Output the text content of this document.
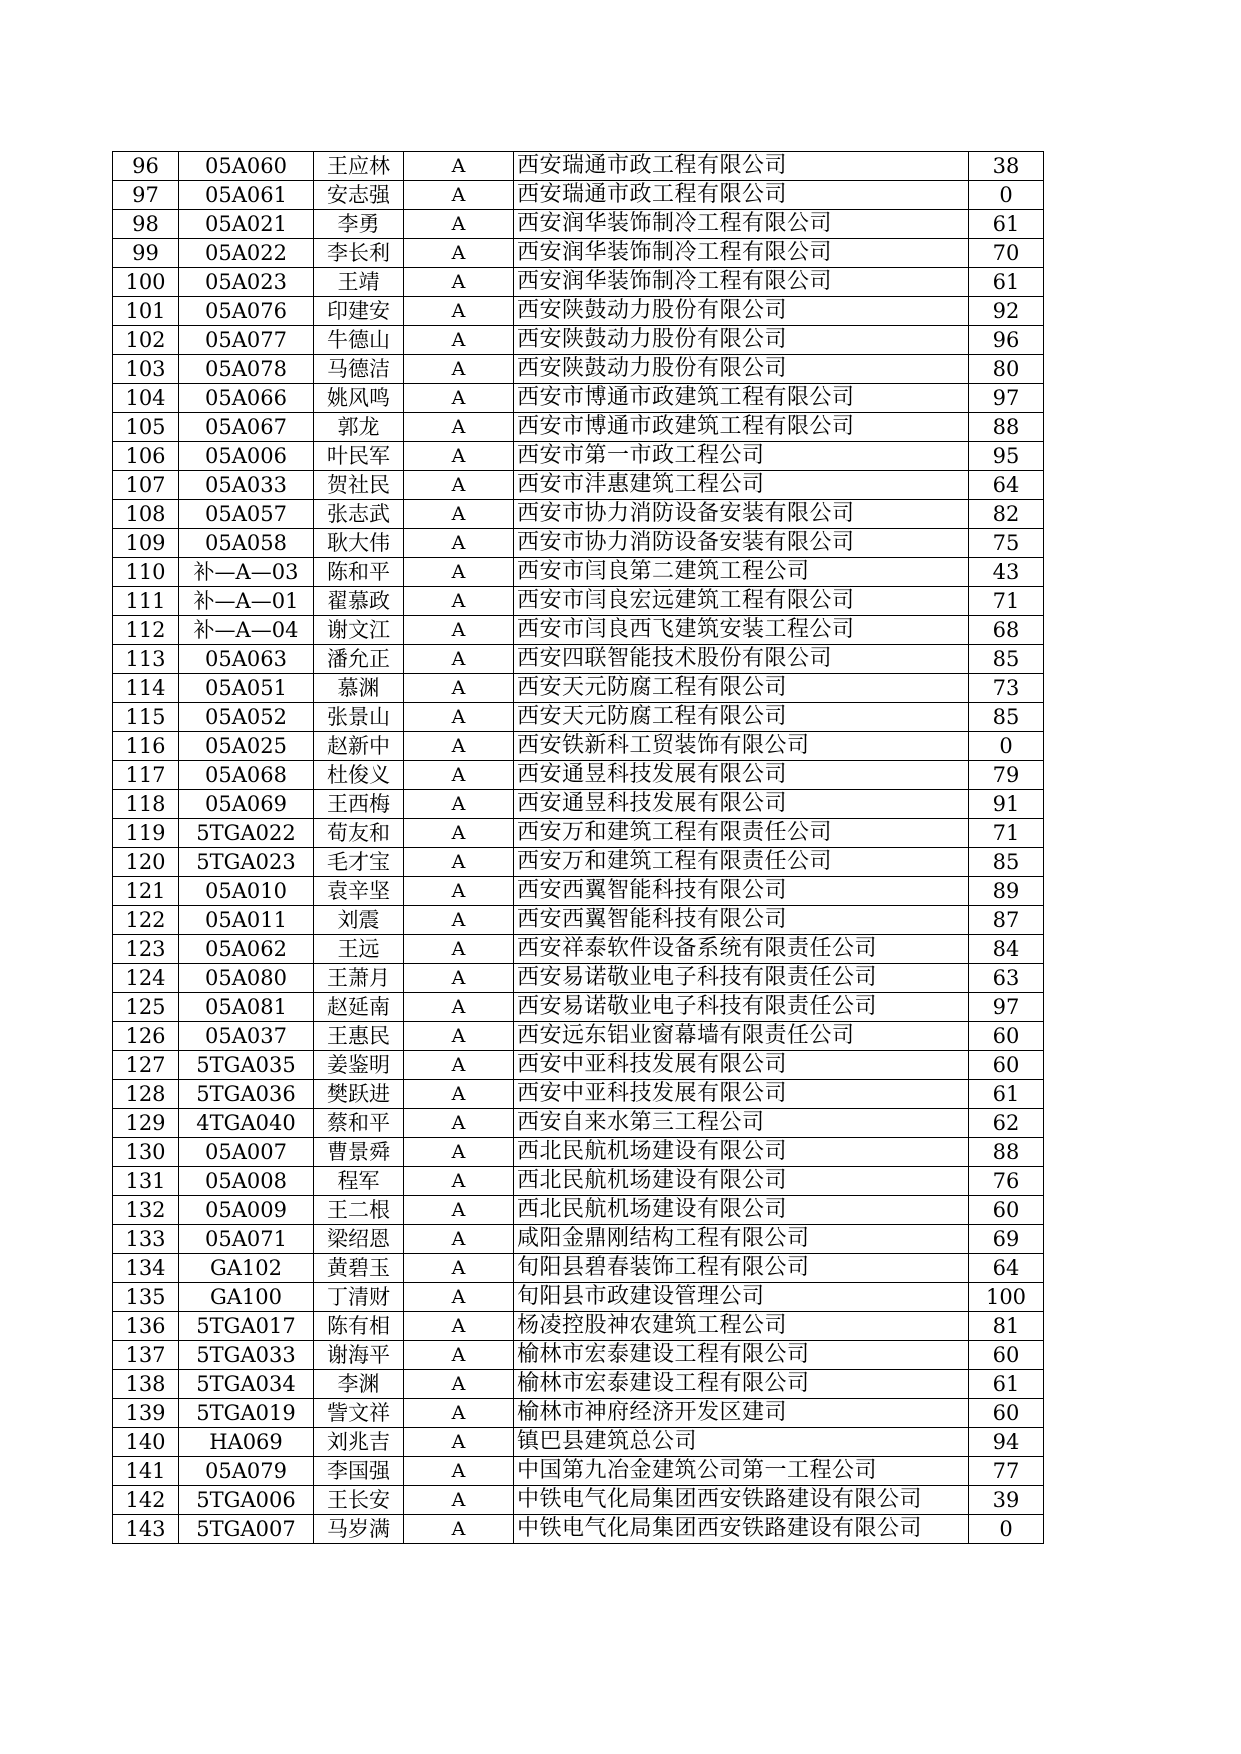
96	05A060	王应林	A	西安瑞通市政工程有限公司	38
97	05A061	安志强	A	西安瑞通市政工程有限公司	0
98	05A021	李勇	A	西安润华装饰制冷工程有限公司	61
99	05A022	李长利	A	西安润华装饰制冷工程有限公司	70
100	05A023	王靖	A	西安润华装饰制冷工程有限公司	61
101	05A076	印建安	A	西安陕鼓动力股份有限公司	92
102	05A077	牛德山	A	西安陕鼓动力股份有限公司	96
103	05A078	马德洁	A	西安陕鼓动力股份有限公司	80
104	05A066	姚风鸣	A	西安市博通市政建筑工程有限公司	97
105	05A067	郭龙	A	西安市博通市政建筑工程有限公司	88
106	05A006	叶民军	A	西安市第一市政工程公司	95
107	05A033	贺社民	A	西安市沣惠建筑工程公司	64
108	05A057	张志武	A	西安市协力消防设备安装有限公司	82
109	05A058	耿大伟	A	西安市协力消防设备安装有限公司	75
110	补—A—03	陈和平	A	西安市闫良第二建筑工程公司	43
111	补—A—01	翟慕政	A	西安市闫良宏远建筑工程有限公司	71
112	补—A—04	谢文江	A	西安市闫良西飞建筑安装工程公司	68
113	05A063	潘允正	A	西安四联智能技术股份有限公司	85
114	05A051	慕渊	A	西安天元防腐工程有限公司	73
115	05A052	张景山	A	西安天元防腐工程有限公司	85
116	05A025	赵新中	A	西安铁新科工贸装饰有限公司	0
117	05A068	杜俊义	A	西安通昱科技发展有限公司	79
118	05A069	王西梅	A	西安通昱科技发展有限公司	91
119	5TGA022	荀友和	A	西安万和建筑工程有限责任公司	71
120	5TGA023	毛才宝	A	西安万和建筑工程有限责任公司	85
121	05A010	袁辛坚	A	西安西翼智能科技有限公司	89
122	05A011	刘震	A	西安西翼智能科技有限公司	87
123	05A062	王远	A	西安祥泰软件设备系统有限责任公司	84
124	05A080	王萧月	A	西安易诺敬业电子科技有限责任公司	63
125	05A081	赵延南	A	西安易诺敬业电子科技有限责任公司	97
126	05A037	王惠民	A	西安远东铝业窗幕墙有限责任公司	60
127	5TGA035	姜鉴明	A	西安中亚科技发展有限公司	60
128	5TGA036	樊跃进	A	西安中亚科技发展有限公司	61
129	4TGA040	蔡和平	A	西安自来水第三工程公司	62
130	05A007	曹景舜	A	西北民航机场建设有限公司	88
131	05A008	程军	A	西北民航机场建设有限公司	76
132	05A009	王二根	A	西北民航机场建设有限公司	60
133	05A071	梁绍恩	A	咸阳金鼎刚结构工程有限公司	69
134	GA102	黄碧玉	A	旬阳县碧春装饰工程有限公司	64
135	GA100	丁清财	A	旬阳县市政建设管理公司	100
136	5TGA017	陈有相	A	杨凌控股神农建筑工程公司	81
137	5TGA033	谢海平	A	榆林市宏泰建设工程有限公司	60
138	5TGA034	李渊	A	榆林市宏泰建设工程有限公司	61
139	5TGA019	訾文祥	A	榆林市神府经济开发区建司	60
140	HA069	刘兆吉	A	镇巴县建筑总公司	94
141	05A079	李国强	A	中国第九冶金建筑公司第一工程公司	77
142	5TGA006	王长安	A	中铁电气化局集团西安铁路建设有限公司	39
143	5TGA007	马岁满	A	中铁电气化局集团西安铁路建设有限公司	0
